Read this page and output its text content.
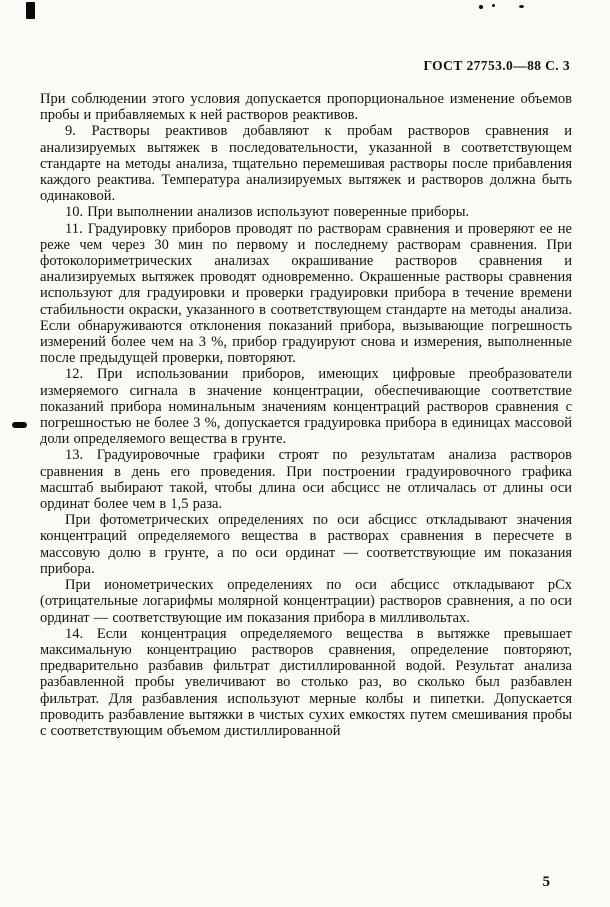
ГОСТ 27753.0—88 С. 3

При соблюдении этого условия допускается пропорциональное изменение объемов пробы и прибавляемых к ней растворов реактивов.

9. Растворы реактивов добавляют к пробам растворов сравнения и анализируемых вытяжек в последовательности, указанной в соответствующем стандарте на методы анализа, тщательно перемешивая растворы после прибавления каждого реактива. Температура анализируемых вытяжек и растворов должна быть одинаковой.

10. При выполнении анализов используют поверенные приборы.

11. Градуировку приборов проводят по растворам сравнения и проверяют ее не реже чем через 30 мин по первому и последнему растворам сравнения. При фотоколориметрических анализах окрашивание растворов сравнения и анализируемых вытяжек проводят одновременно. Окрашенные растворы сравнения используют для градуировки и проверки градуировки прибора в течение времени стабильности окраски, указанного в соответствующем стандарте на методы анализа. Если обнаруживаются отклонения показаний прибора, вызывающие погрешность измерений более чем на 3 %, прибор градуируют снова и измерения, выполненные после предыдущей проверки, повторяют.

12. При использовании приборов, имеющих цифровые преобразователи измеряемого сигнала в значение концентрации, обеспечивающие соответствие показаний прибора номинальным значениям концентраций растворов сравнения с погрешностью не более 3 %, допускается градуировка прибора в единицах массовой доли определяемого вещества в грунте.

13. Градуировочные графики строят по результатам анализа растворов сравнения в день его проведения. При построении градуировочного графика масштаб выбирают такой, чтобы длина оси абсцисс не отличалась от длины оси ординат более чем в 1,5 раза.

При фотометрических определениях по оси абсцисс откладывают значения концентраций определяемого вещества в растворах сравнения в пересчете в массовую долю в грунте, а по оси ординат — соответствующие им показания прибора.

При ионометрических определениях по оси абсцисс откладывают рСx (отрицательные логарифмы молярной концентрации) растворов сравнения, а по оси ординат — соответствующие им показания прибора в милливольтах.

14. Если концентрация определяемого вещества в вытяжке превышает максимальную концентрацию растворов сравнения, определение повторяют, предварительно разбавив фильтрат дистиллированной водой. Результат анализа разбавленной пробы увеличивают во столько раз, во сколько был разбавлен фильтрат. Для разбавления используют мерные колбы и пипетки. Допускается проводить разбавление вытяжки в чистых сухих емкостях путем смешивания пробы с соответствующим объемом дистиллированной

5
